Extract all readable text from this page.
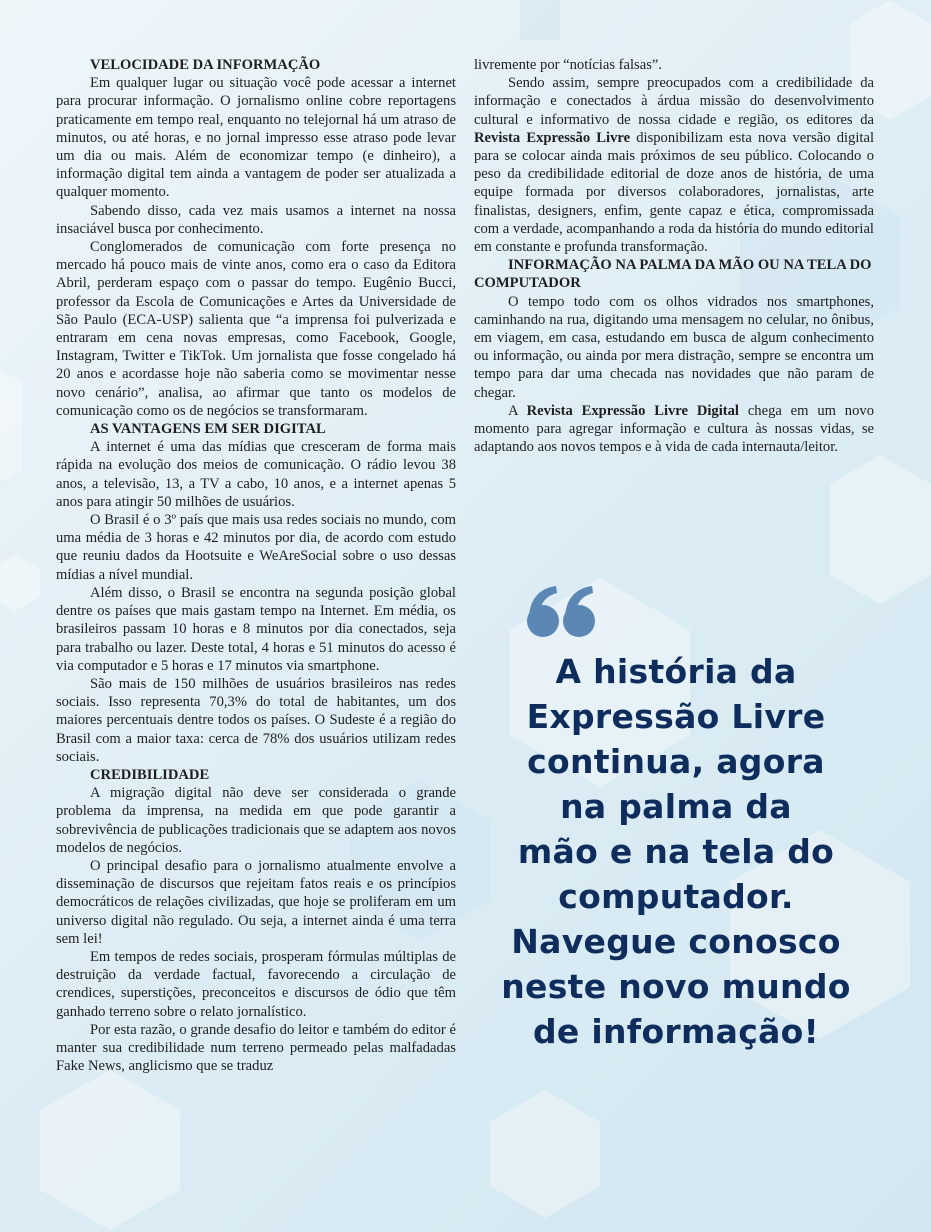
VELOCIDADE DA INFORMAÇÃO

Em qualquer lugar ou situação você pode acessar a internet para procurar informação. O jornalismo online cobre reportagens praticamente em tempo real, enquanto no telejornal há um atraso de minutos, ou até horas, e no jornal impresso esse atraso pode levar um dia ou mais. Além de economizar tempo (e dinheiro), a informação digital tem ainda a vantagem de poder ser atualizada a qualquer momento.

Sabendo disso, cada vez mais usamos a internet na nossa insaciável busca por conhecimento.

Conglomerados de comunicação com forte presença no mercado há pouco mais de vinte anos, como era o caso da Editora Abril, perderam espaço com o passar do tempo. Eugênio Bucci, professor da Escola de Comunicações e Artes da Universidade de São Paulo (ECA-USP) salienta que “a imprensa foi pulverizada e entraram em cena novas empresas, como Facebook, Google, Instagram, Twitter e TikTok. Um jornalista que fosse congelado há 20 anos e acordasse hoje não saberia como se movimentar nesse novo cenário”, analisa, ao afirmar que tanto os modelos de comunicação como os de negócios se transformaram.

AS VANTAGENS EM SER DIGITAL

A internet é uma das mídias que cresceram de forma mais rápida na evolução dos meios de comunicação. O rádio levou 38 anos, a televisão, 13, a TV a cabo, 10 anos, e a internet apenas 5 anos para atingir 50 milhões de usuários.

O Brasil é o 3º país que mais usa redes sociais no mundo, com uma média de 3 horas e 42 minutos por dia, de acordo com estudo que reuniu dados da Hootsuite e WeAreSocial sobre o uso dessas mídias a nível mundial.

Além disso, o Brasil se encontra na segunda posição global dentre os países que mais gastam tempo na Internet. Em média, os brasileiros passam 10 horas e 8 minutos por dia conectados, seja para trabalho ou lazer. Deste total, 4 horas e 51 minutos do acesso é via computador e 5 horas e 17 minutos via smartphone.

São mais de 150 milhões de usuários brasileiros nas redes sociais. Isso representa 70,3% do total de habitantes, um dos maiores percentuais dentre todos os países. O Sudeste é a região do Brasil com a maior taxa: cerca de 78% dos usuários utilizam redes sociais.

CREDIBILIDADE

A migração digital não deve ser considerada o grande problema da imprensa, na medida em que pode garantir a sobrevivência de publicações tradicionais que se adaptem aos novos modelos de negócios.

O principal desafio para o jornalismo atualmente envolve a disseminação de discursos que rejeitam fatos reais e os princípios democráticos de relações civilizadas, que hoje se proliferam em um universo digital não regulado. Ou seja, a internet ainda é uma terra sem lei!

Em tempos de redes sociais, prosperam fórmulas múltiplas de destruição da verdade factual, favorecendo a circulação de crendices, superstições, preconceitos e discursos de ódio que têm ganhado terreno sobre o relato jornalístico.

Por esta razão, o grande desafio do leitor e também do editor é manter sua credibilidade num terreno permeado pelas malfadadas Fake News, anglicismo que se traduz

livremente por “notícias falsas”.

Sendo assim, sempre preocupados com a credibilidade da informação e conectados à árdua missão do desenvolvimento cultural e informativo de nossa cidade e região, os editores da Revista Expressão Livre disponibilizam esta nova versão digital para se colocar ainda mais próximos de seu público. Colocando o peso da credibilidade editorial de doze anos de história, de uma equipe formada por diversos colaboradores, jornalistas, arte finalistas, designers, enfim, gente capaz e ética, compromissada com a verdade, acompanhando a roda da história do mundo editorial em constante e profunda transformação.

INFORMAÇÃO NA PALMA DA MÃO OU NA TELA DO COMPUTADOR

O tempo todo com os olhos vidrados nos smartphones, caminhando na rua, digitando uma mensagem no celular, no ônibus, em viagem, em casa, estudando em busca de algum conhecimento ou informação, ou ainda por mera distração, sempre se encontra um tempo para dar uma checada nas novidades que não param de chegar.

A Revista Expressão Livre Digital chega em um novo momento para agregar informação e cultura às nossas vidas, se adaptando aos novos tempos e à vida de cada internauta/leitor.

A história da
Expressão Livre
continua, agora
na palma da
mão e na tela do
computador.
Navegue conosco
neste novo mundo
de informação!
